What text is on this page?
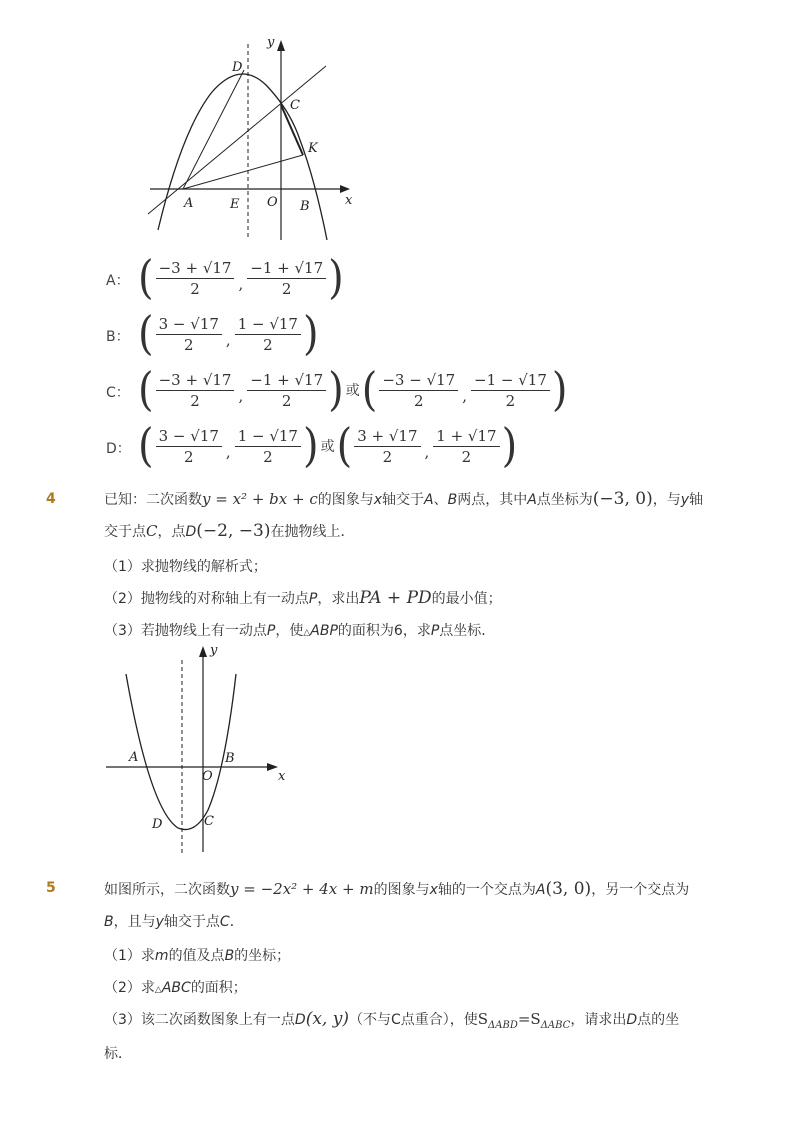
y
x
D
C
K
A	E O B
A： ( $\frac{-3 + √17}{2}$ , $\frac{-1 + √17}{2}$ )
B： ( $\frac{3 - √17}{2}$ , $\frac{1 - √17}{2}$ )
C： ( $\frac{-3 + √17}{2}$ , $\frac{-1 + √17}{2}$ ) 或 ( $\frac{-3 - √17}{2}$ , $\frac{-1 - √17}{2}$ )
D： ( $\frac{3 - √17}{2}$ , $\frac{1 - √17}{2}$ ) 或 ( $\frac{3 + √17}{2}$ , $\frac{1 + √17}{2}$ )
4	已知：二次函数y = x² + bx + c的图象与x轴交于A、B两点，其中A点坐标为(−3, 0)，与y轴
交于点C，点D(−2, −3)在抛物线上．
（1）求抛物线的解析式；
（2）抛物线的对称轴上有一动点P，求出PA + PD的最小值；
（3）若抛物线上有一动点P，使△ABP的面积为6，求P点坐标．
y
x
A
O
B
D	C
5	如图所示，二次函数y = −2x² + 4x + m的图象与x轴的一个交点为A(3, 0)，另一个交点为
B，且与y轴交于点C．
（1）求m的值及点B的坐标；
（2）求△ABC的面积；
（3）该二次函数图象上有一点D(x, y)（不与C点重合），使$S_{\Delta ABD}=S_{\Delta ABC}$，请求出D点的坐
标．
